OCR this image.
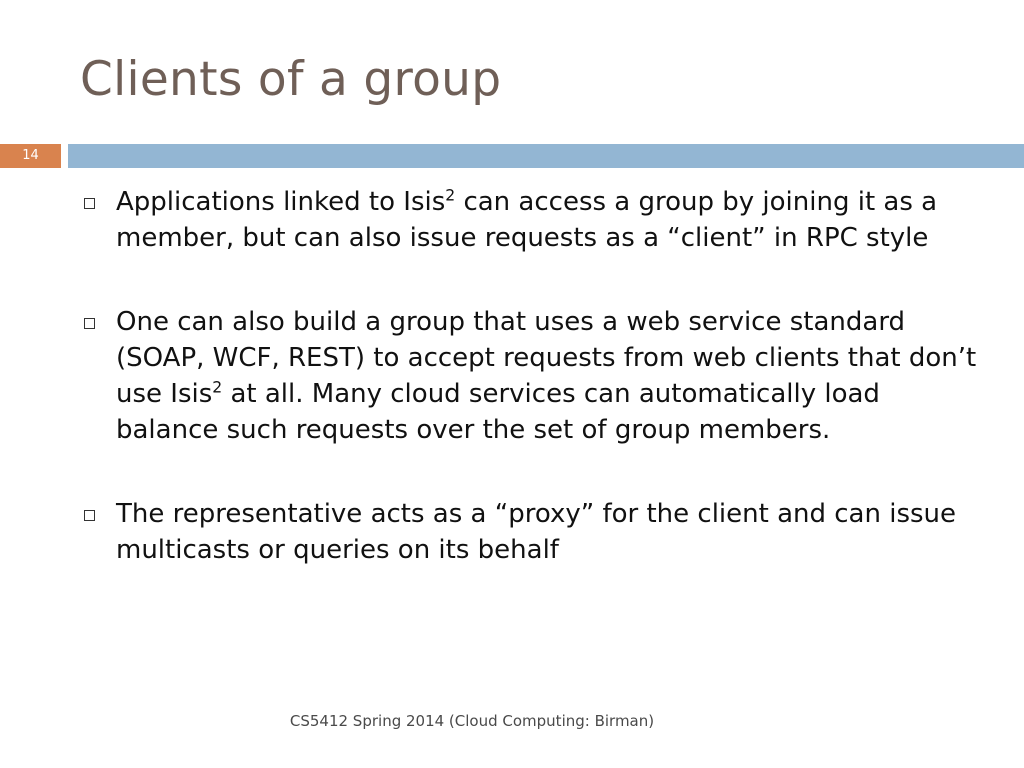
Clients of a group
14
Applications linked to Isis$^2$ can access a group by joining it as a member, but can also issue requests as a “client” in RPC style
One can also build a group that uses a web service standard (SOAP, WCF, REST) to accept requests from web clients that don’t use Isis$^2$ at all. Many cloud services can automatically load balance such requests over the set of group members.
The representative acts as a “proxy” for the client and can issue multicasts or queries on its behalf
CS5412 Spring 2014 (Cloud Computing: Birman)
